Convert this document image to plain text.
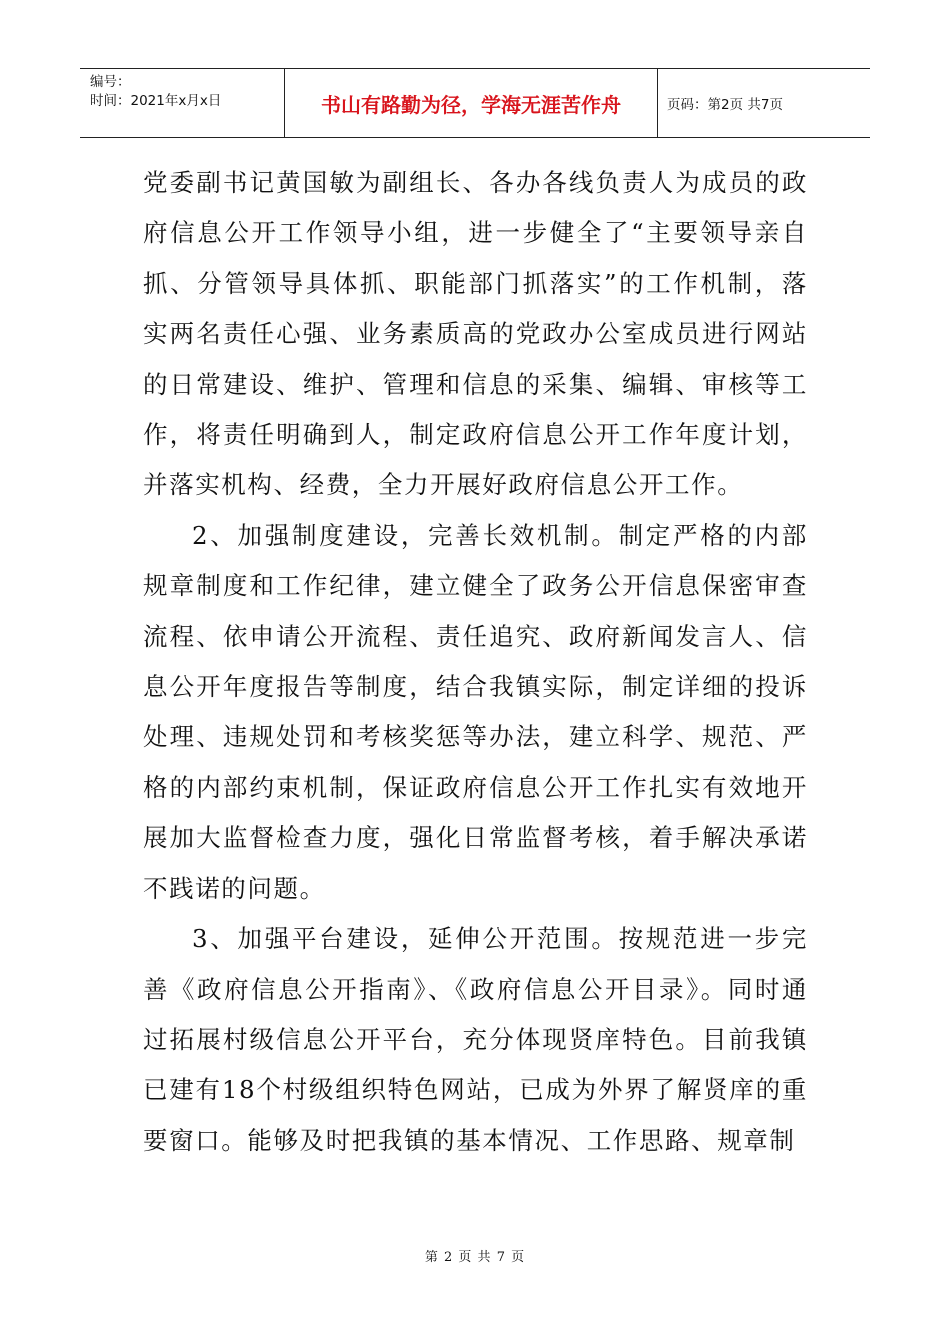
编号：
时间：2021年x月x日	书山有路勤为径，学海无涯苦作舟	页码：第2页 共7页

党委副书记黄国敏为副组长、各办各线负责人为成员的政府信息公开工作领导小组，进一步健全了“主要领导亲自抓、分管领导具体抓、职能部门抓落实”的工作机制，落实两名责任心强、业务素质高的党政办公室成员进行网站的日常建设、维护、管理和信息的采集、编辑、审核等工作，将责任明确到人，制定政府信息公开工作年度计划，并落实机构、经费，全力开展好政府信息公开工作。

2、加强制度建设，完善长效机制。制定严格的内部规章制度和工作纪律，建立健全了政务公开信息保密审查流程、依申请公开流程、责任追究、政府新闻发言人、信息公开年度报告等制度，结合我镇实际，制定详细的投诉处理、违规处罚和考核奖惩等办法，建立科学、规范、严格的内部约束机制，保证政府信息公开工作扎实有效地开展加大监督检查力度，强化日常监督考核，着手解决承诺不践诺的问题。

3、加强平台建设，延伸公开范围。按规范进一步完善《政府信息公开指南》、《政府信息公开目录》。同时通过拓展村级信息公开平台，充分体现贤庠特色。目前我镇已建有18个村级组织特色网站，已成为外界了解贤庠的重要窗口。能够及时把我镇的基本情况、工作思路、规章制

第 2 页 共 7 页
